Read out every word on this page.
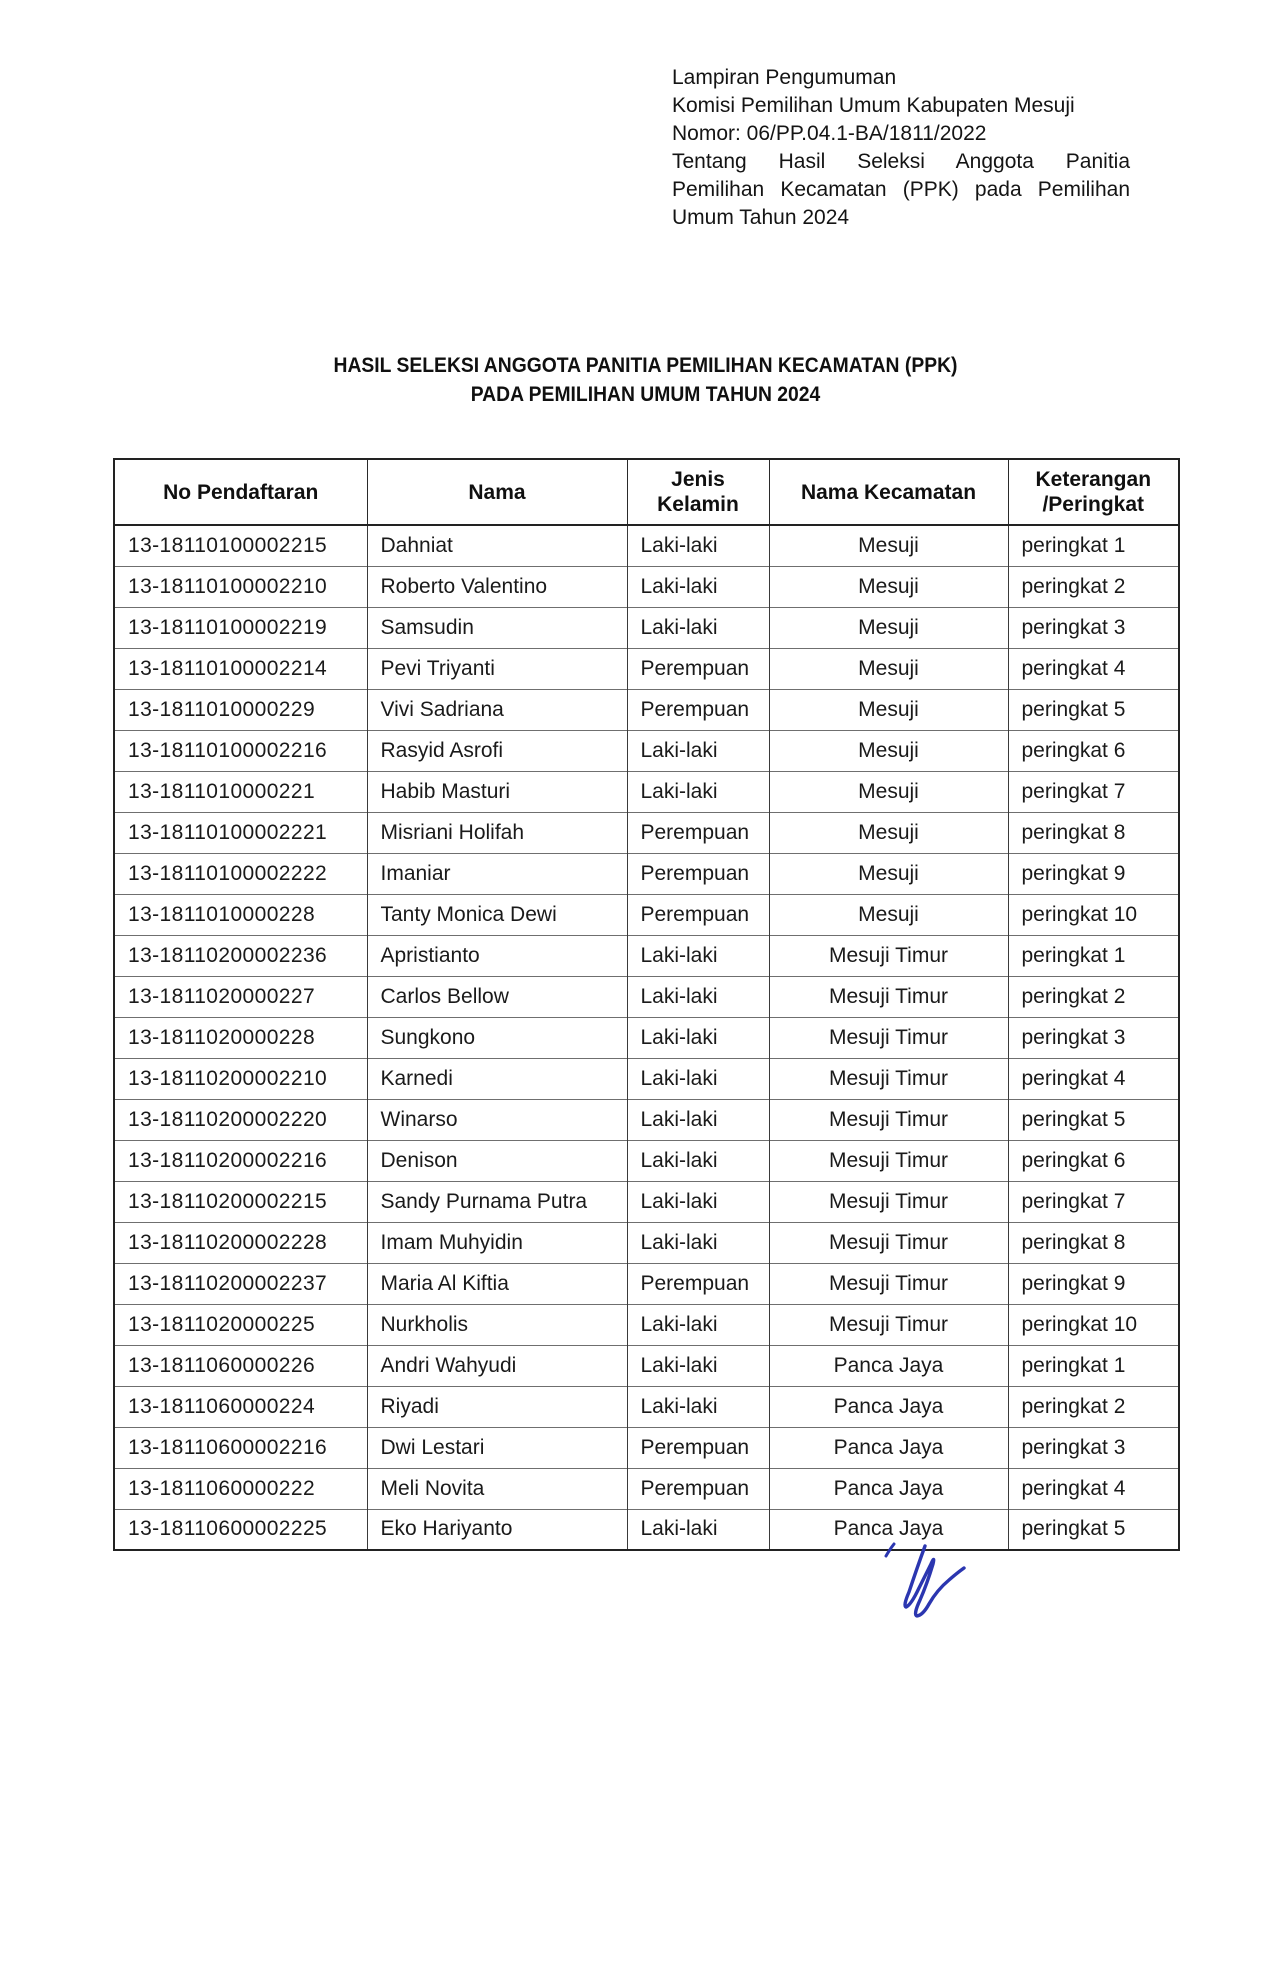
Lampiran Pengumuman
Komisi Pemilihan Umum Kabupaten Mesuji
Nomor: 06/PP.04.1-BA/1811/2022
Tentang Hasil Seleksi Anggota Panitia
Pemilihan Kecamatan (PPK) pada Pemilihan
Umum Tahun 2024
HASIL SELEKSI ANGGOTA PANITIA PEMILIHAN KECAMATAN (PPK)
PADA PEMILIHAN UMUM TAHUN 2024
No Pendaftaran	Nama	Jenis Kelamin	Nama Kecamatan	Keterangan /Peringkat
13-18110100002215	Dahniat	Laki-laki	Mesuji	peringkat 1
13-18110100002210	Roberto Valentino	Laki-laki	Mesuji	peringkat 2
13-18110100002219	Samsudin	Laki-laki	Mesuji	peringkat 3
13-18110100002214	Pevi Triyanti	Perempuan	Mesuji	peringkat 4
13-1811010000229	Vivi Sadriana	Perempuan	Mesuji	peringkat 5
13-18110100002216	Rasyid Asrofi	Laki-laki	Mesuji	peringkat 6
13-1811010000221	Habib Masturi	Laki-laki	Mesuji	peringkat 7
13-18110100002221	Misriani Holifah	Perempuan	Mesuji	peringkat 8
13-18110100002222	Imaniar	Perempuan	Mesuji	peringkat 9
13-1811010000228	Tanty Monica Dewi	Perempuan	Mesuji	peringkat 10
13-18110200002236	Apristianto	Laki-laki	Mesuji Timur	peringkat 1
13-1811020000227	Carlos Bellow	Laki-laki	Mesuji Timur	peringkat 2
13-1811020000228	Sungkono	Laki-laki	Mesuji Timur	peringkat 3
13-18110200002210	Karnedi	Laki-laki	Mesuji Timur	peringkat 4
13-18110200002220	Winarso	Laki-laki	Mesuji Timur	peringkat 5
13-18110200002216	Denison	Laki-laki	Mesuji Timur	peringkat 6
13-18110200002215	Sandy Purnama Putra	Laki-laki	Mesuji Timur	peringkat 7
13-18110200002228	Imam Muhyidin	Laki-laki	Mesuji Timur	peringkat 8
13-18110200002237	Maria Al Kiftia	Perempuan	Mesuji Timur	peringkat 9
13-1811020000225	Nurkholis	Laki-laki	Mesuji Timur	peringkat 10
13-1811060000226	Andri Wahyudi	Laki-laki	Panca Jaya	peringkat 1
13-1811060000224	Riyadi	Laki-laki	Panca Jaya	peringkat 2
13-18110600002216	Dwi Lestari	Perempuan	Panca Jaya	peringkat 3
13-1811060000222	Meli Novita	Perempuan	Panca Jaya	peringkat 4
13-18110600002225	Eko Hariyanto	Laki-laki	Panca Jaya	peringkat 5
